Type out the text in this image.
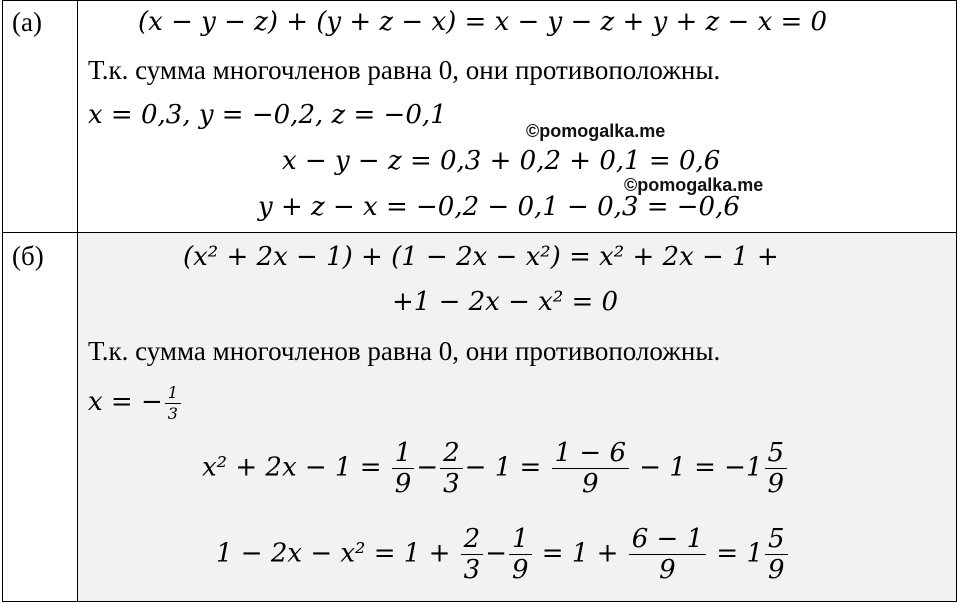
(а)	(x − y − z) + (y + z − x) = x − y − z + y + z − x = 0
Т.к. сумма многочленов равна 0, они противоположны.
x = 0,3, y = −0,2, z = −0,1
©pomogalka.me
x − y − z = 0,3 + 0,2 + 0,1 = 0,6
©pomogalka.me
y + z − x = −0,2 − 0,1 − 0,3 = −0,6
(б)	(x² + 2x − 1) + (1 − 2x − x²) = x² + 2x − 1 +
+1 − 2x − x² = 0
Т.к. сумма многочленов равна 0, они противоположны.
x = − $\frac{1}{3}$
$x^2 + 2x - 1 = \frac{1}{9} - \frac{2}{3} - 1 = \frac{1 - 6}{9} - 1 = -1 \frac{5}{9}$
$1 - 2x - x^2 = 1 + \frac{2}{3} - \frac{1}{9} = 1 + \frac{6 - 1}{9} = 1 \frac{5}{9}$
